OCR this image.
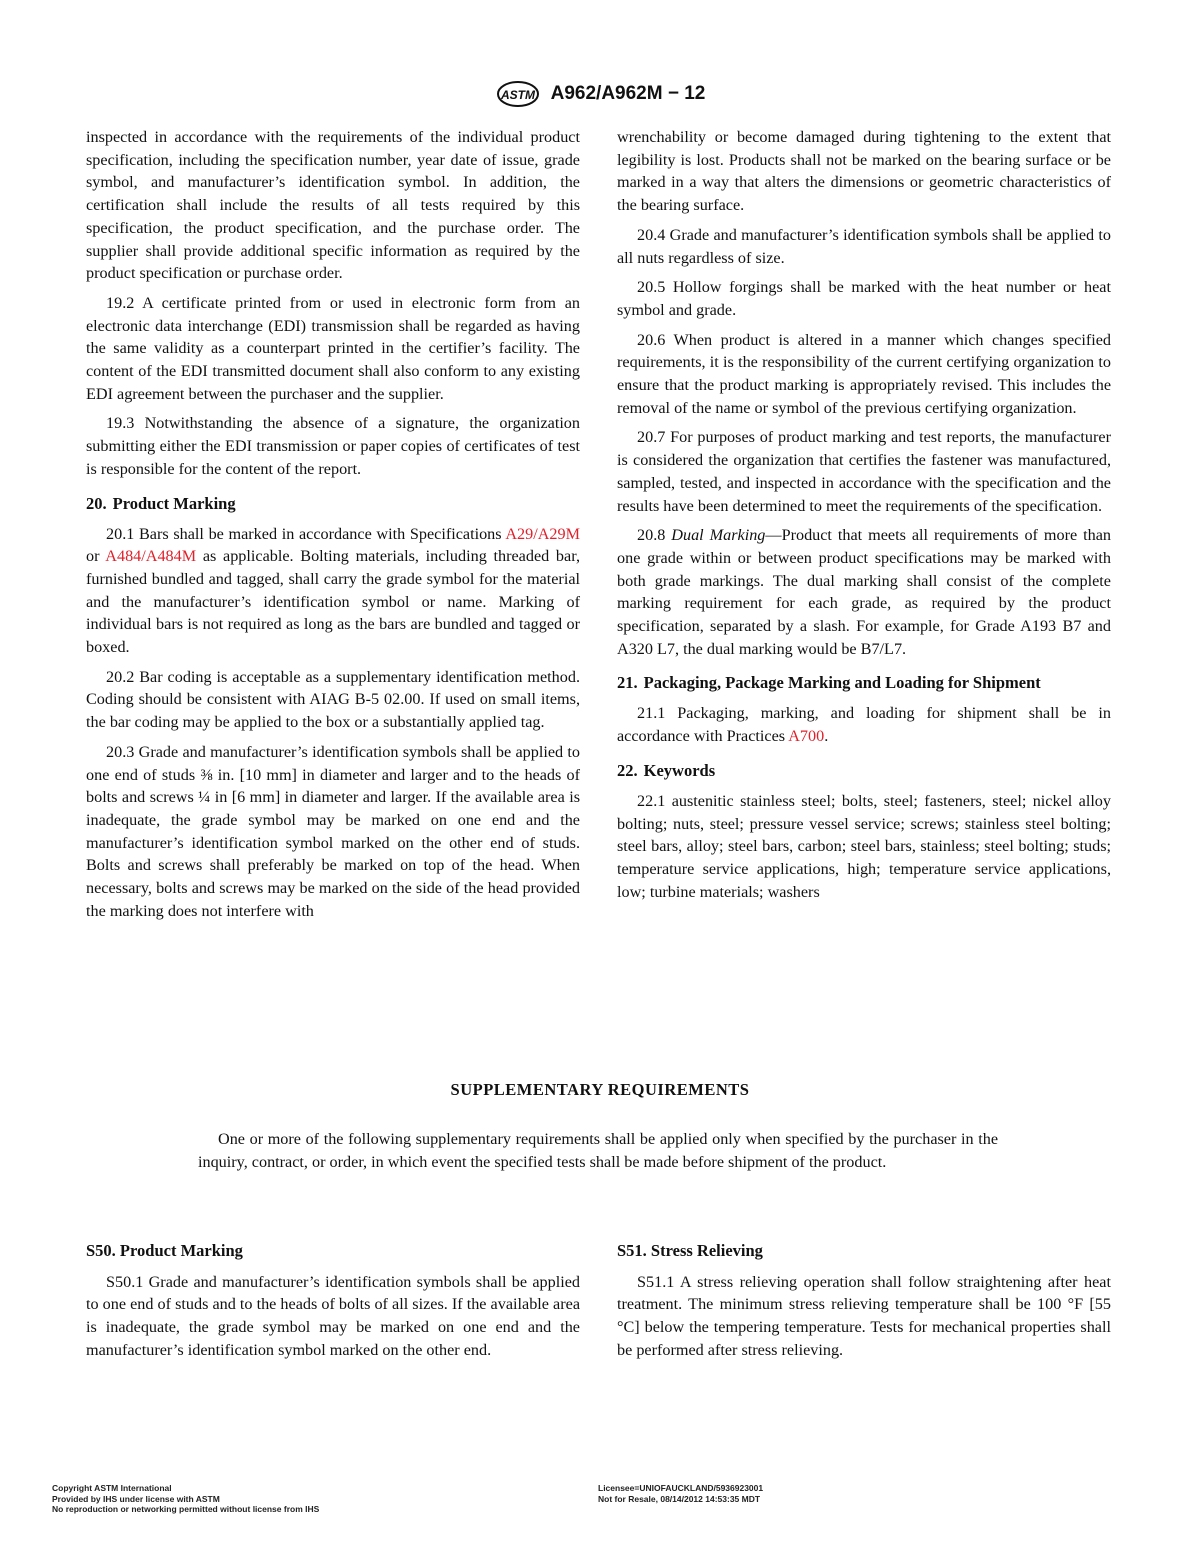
ASTM A962/A962M − 12

inspected in accordance with the requirements of the individual product specification, including the specification number, year date of issue, grade symbol, and manufacturer’s identification symbol. In addition, the certification shall include the results of all tests required by this specification, the product specification, and the purchase order. The supplier shall provide additional specific information as required by the product specification or purchase order.

19.2 A certificate printed from or used in electronic form from an electronic data interchange (EDI) transmission shall be regarded as having the same validity as a counterpart printed in the certifier’s facility. The content of the EDI transmitted document shall also conform to any existing EDI agreement between the purchaser and the supplier.

19.3 Notwithstanding the absence of a signature, the organization submitting either the EDI transmission or paper copies of certificates of test is responsible for the content of the report.

20. Product Marking

20.1 Bars shall be marked in accordance with Specifications A29/A29M or A484/A484M as applicable. Bolting materials, including threaded bar, furnished bundled and tagged, shall carry the grade symbol for the material and the manufacturer’s identification symbol or name. Marking of individual bars is not required as long as the bars are bundled and tagged or boxed.

20.2 Bar coding is acceptable as a supplementary identification method. Coding should be consistent with AIAG B-5 02.00. If used on small items, the bar coding may be applied to the box or a substantially applied tag.

20.3 Grade and manufacturer’s identification symbols shall be applied to one end of studs ⅜ in. [10 mm] in diameter and larger and to the heads of bolts and screws ¼ in [6 mm] in diameter and larger. If the available area is inadequate, the grade symbol may be marked on one end and the manufacturer’s identification symbol marked on the other end of studs. Bolts and screws shall preferably be marked on top of the head. When necessary, bolts and screws may be marked on the side of the head provided the marking does not interfere with

wrenchability or become damaged during tightening to the extent that legibility is lost. Products shall not be marked on the bearing surface or be marked in a way that alters the dimensions or geometric characteristics of the bearing surface.

20.4 Grade and manufacturer’s identification symbols shall be applied to all nuts regardless of size.

20.5 Hollow forgings shall be marked with the heat number or heat symbol and grade.

20.6 When product is altered in a manner which changes specified requirements, it is the responsibility of the current certifying organization to ensure that the product marking is appropriately revised. This includes the removal of the name or symbol of the previous certifying organization.

20.7 For purposes of product marking and test reports, the manufacturer is considered the organization that certifies the fastener was manufactured, sampled, tested, and inspected in accordance with the specification and the results have been determined to meet the requirements of the specification.

20.8 Dual Marking—Product that meets all requirements of more than one grade within or between product specifications may be marked with both grade markings. The dual marking shall consist of the complete marking requirement for each grade, as required by the product specification, separated by a slash. For example, for Grade A193 B7 and A320 L7, the dual marking would be B7/L7.

21. Packaging, Package Marking and Loading for Shipment

21.1 Packaging, marking, and loading for shipment shall be in accordance with Practices A700.

22. Keywords

22.1 austenitic stainless steel; bolts, steel; fasteners, steel; nickel alloy bolting; nuts, steel; pressure vessel service; screws; stainless steel bolting; steel bars, alloy; steel bars, carbon; steel bars, stainless; steel bolting; studs; temperature service applications, high; temperature service applications, low; turbine materials; washers

SUPPLEMENTARY REQUIREMENTS
One or more of the following supplementary requirements shall be applied only when specified by the purchaser in the inquiry, contract, or order, in which event the specified tests shall be made before shipment of the product.
S50. Product Marking

S50.1 Grade and manufacturer’s identification symbols shall be applied to one end of studs and to the heads of bolts of all sizes. If the available area is inadequate, the grade symbol may be marked on one end and the manufacturer’s identification symbol marked on the other end.

S51. Stress Relieving

S51.1 A stress relieving operation shall follow straightening after heat treatment. The minimum stress relieving temperature shall be 100 °F [55 °C] below the tempering temperature. Tests for mechanical properties shall be performed after stress relieving.

Copyright ASTM International
Provided by IHS under license with ASTM
No reproduction or networking permitted without license from IHS
Licensee=UNIOFAUCKLAND/5936923001
Not for Resale, 08/14/2012 14:53:35 MDT
